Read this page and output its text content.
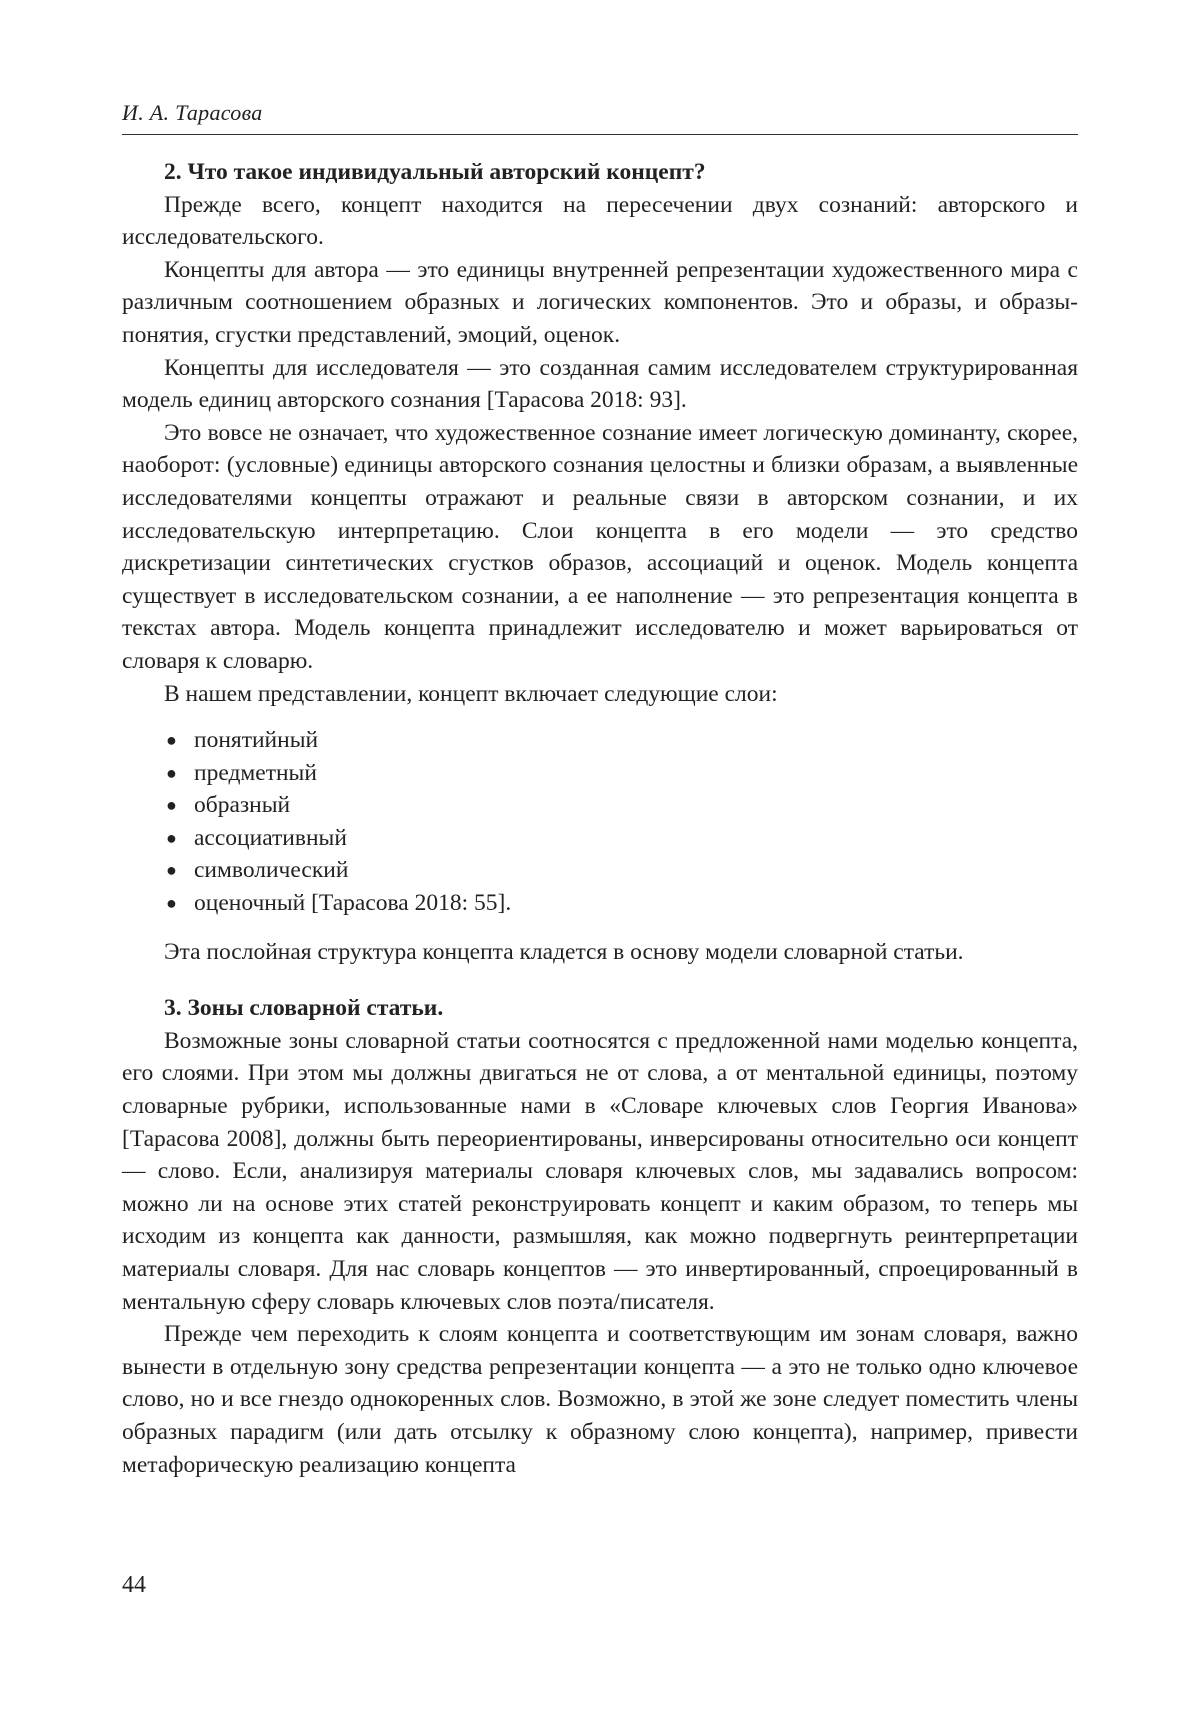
И. А. Тарасова
2. Что такое индивидуальный авторский концепт?

Прежде всего, концепт находится на пересечении двух сознаний: авторского и исследовательского.

Концепты для автора — это единицы внутренней репрезентации художественного мира с различным соотношением образных и логических компонентов. Это и образы, и образы-понятия, сгустки представлений, эмоций, оценок.

Концепты для исследователя — это созданная самим исследователем структурированная модель единиц авторского сознания [Тарасова 2018: 93].

Это вовсе не означает, что художественное сознание имеет логическую доминанту, скорее, наоборот: (условные) единицы авторского сознания целостны и близки образам, а выявленные исследователями концепты отражают и реальные связи в авторском сознании, и их исследовательскую интерпретацию. Слои концепта в его модели — это средство дискретизации синтетических сгустков образов, ассоциаций и оценок. Модель концепта существует в исследовательском сознании, а ее наполнение — это репрезентация концепта в текстах автора. Модель концепта принадлежит исследователю и может варьироваться от словаря к словарю.

В нашем представлении, концепт включает следующие слои:

● понятийный
● предметный
● образный
● ассоциативный
● символический
● оценочный [Тарасова 2018: 55].

Эта послойная структура концепта кладется в основу модели словарной статьи.

3. Зоны словарной статьи.

Возможные зоны словарной статьи соотносятся с предложенной нами моделью концепта, его слоями. При этом мы должны двигаться не от слова, а от ментальной единицы, поэтому словарные рубрики, использованные нами в «Словаре ключевых слов Георгия Иванова» [Тарасова 2008], должны быть переориентированы, инверсированы относительно оси концепт — слово. Если, анализируя материалы словаря ключевых слов, мы задавались вопросом: можно ли на основе этих статей реконструировать концепт и каким образом, то теперь мы исходим из концепта как данности, размышляя, как можно подвергнуть реинтерпретации материалы словаря. Для нас словарь концептов — это инвертированный, спроецированный в ментальную сферу словарь ключевых слов поэта/писателя.

Прежде чем переходить к слоям концепта и соответствующим им зонам словаря, важно вынести в отдельную зону средства репрезентации концепта — а это не только одно ключевое слово, но и все гнездо однокоренных слов. Возможно, в этой же зоне следует поместить члены образных парадигм (или дать отсылку к образному слою концепта), например, привести метафорическую реализацию концепта

44
